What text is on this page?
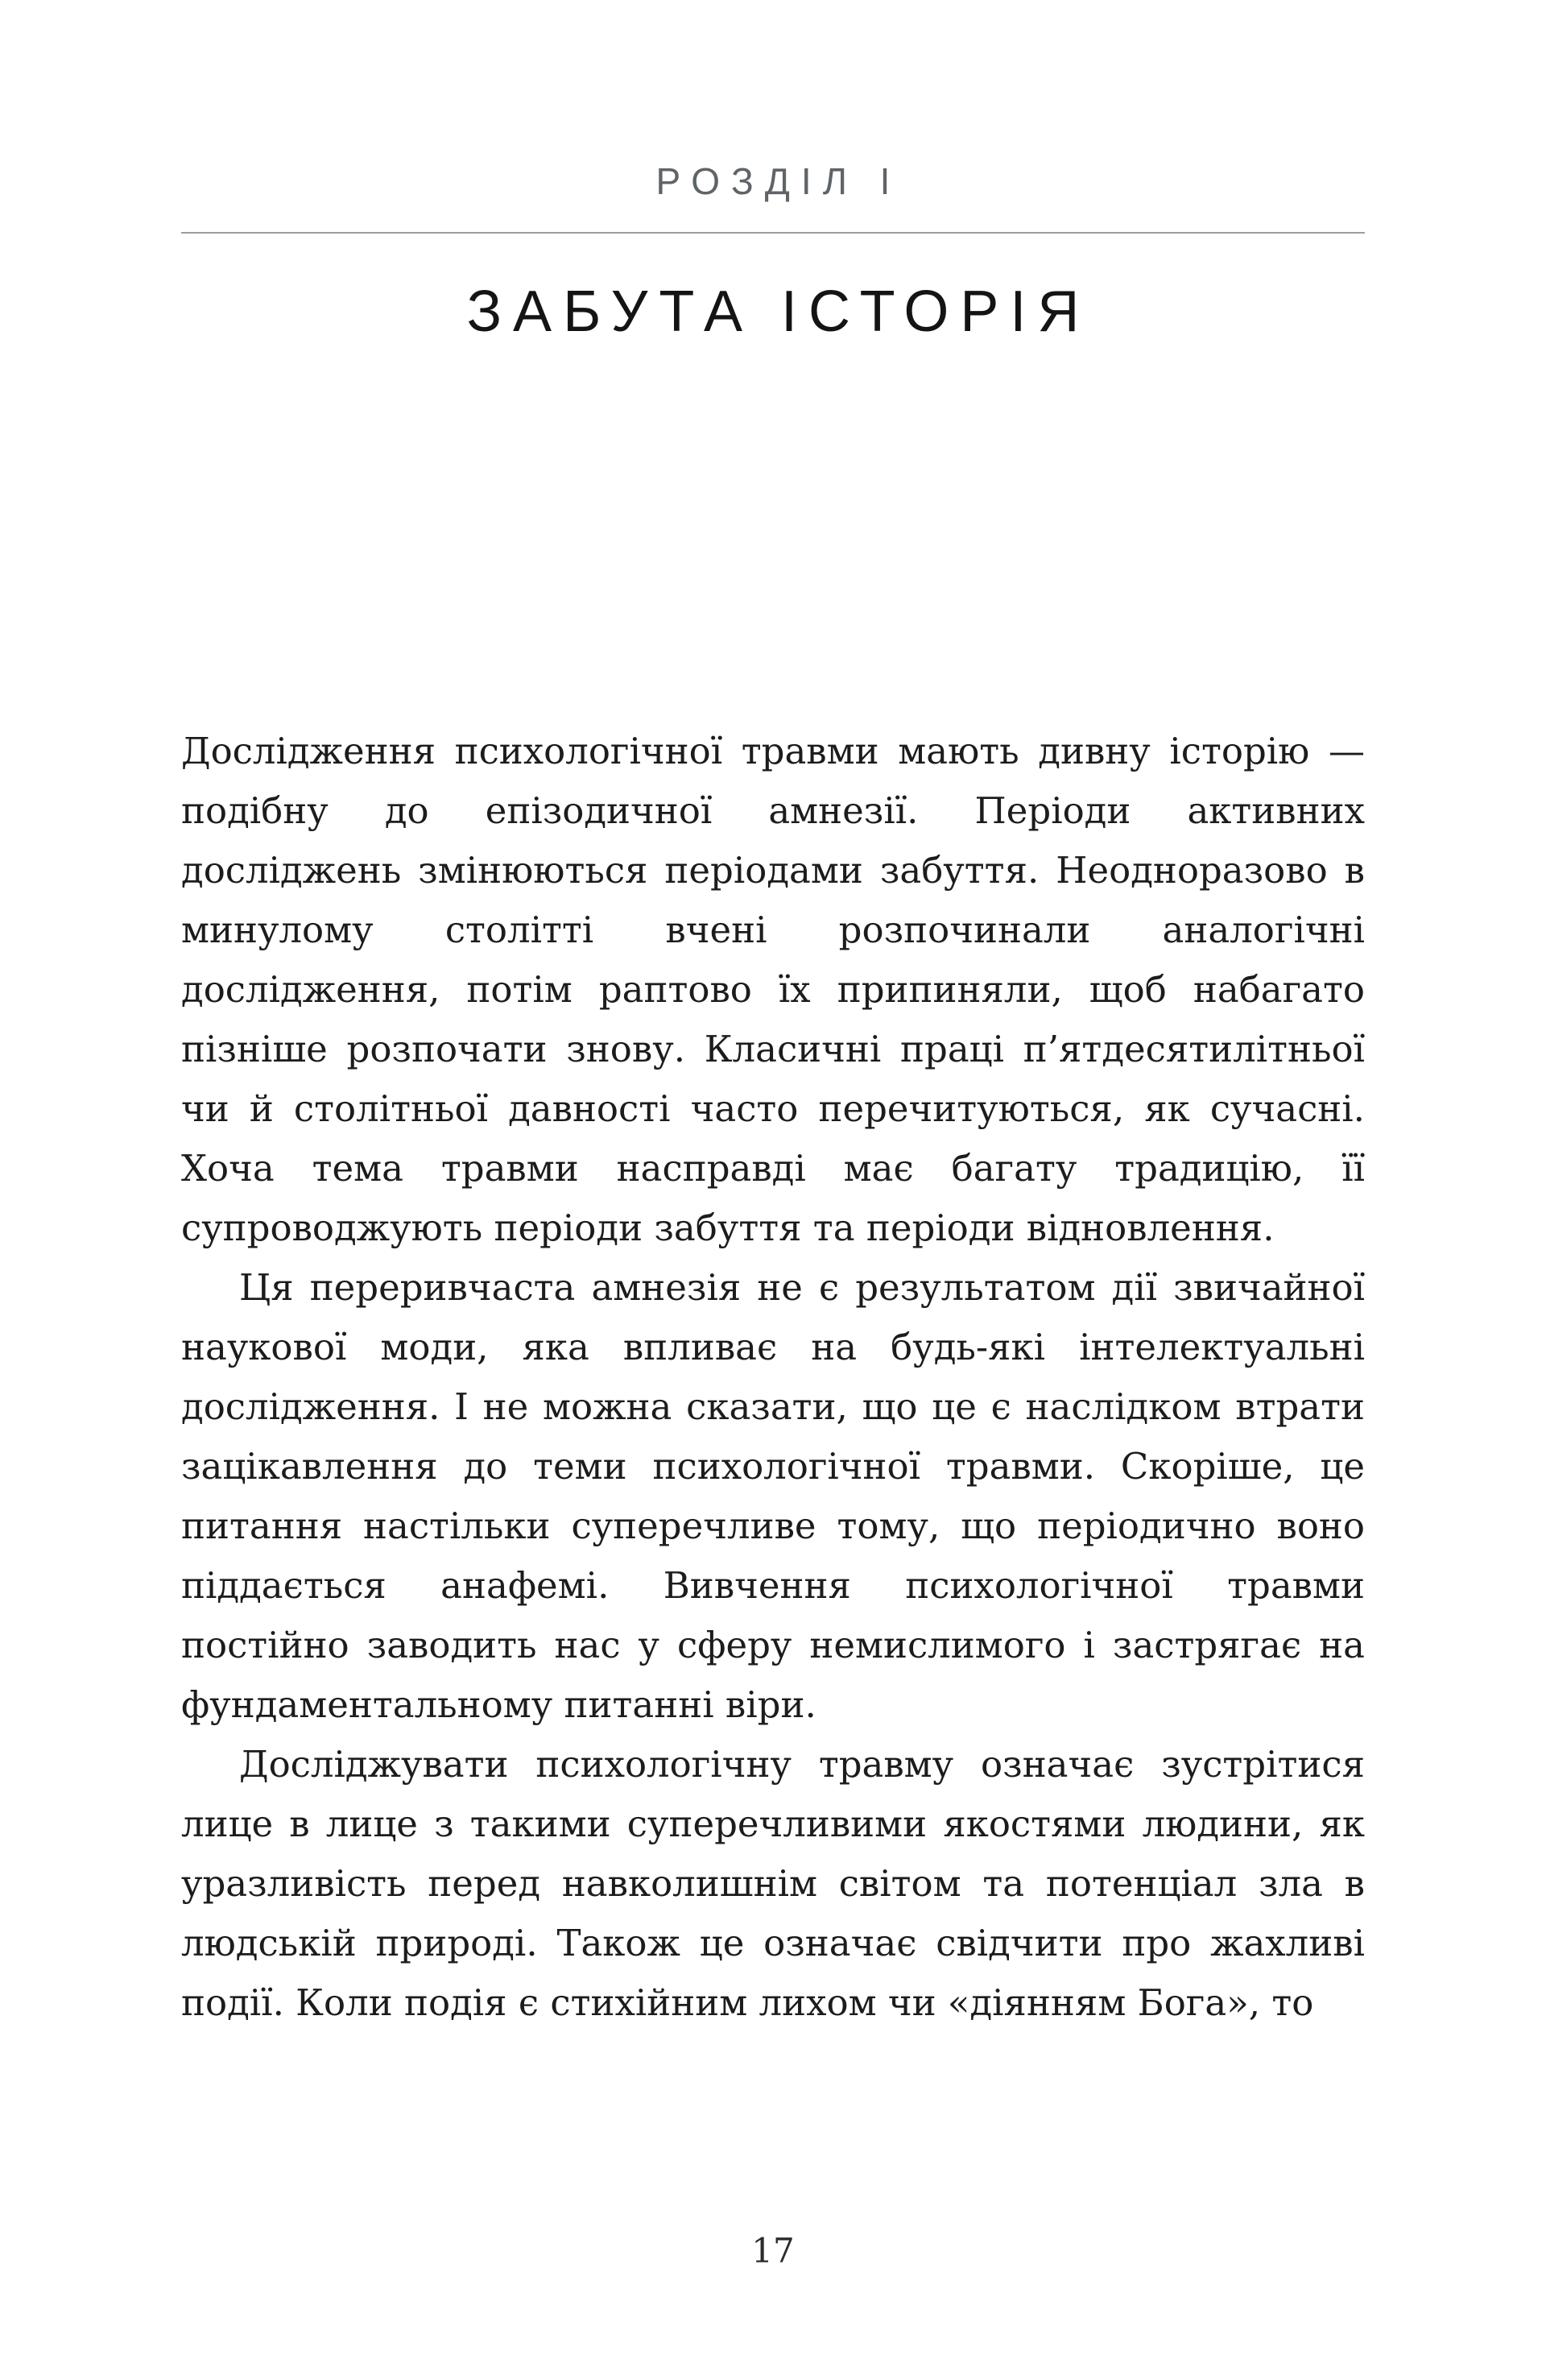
РОЗДІЛ І
ЗАБУТА ІСТОРІЯ

Дослідження психологічної травми мають дивну історію — подібну до епізодичної амнезії. Періоди активних досліджень змінюються періодами забуття. Неодноразово в минулому столітті вчені розпочинали аналогічні дослідження, потім раптово їх припиняли, щоб набагато пізніше розпочати знову. Класичні праці п’ятдесятилітньої чи й столітньої давності часто перечитуються, як сучасні. Хоча тема травми насправді має багату традицію, її супроводжують періоди забуття та періоди відновлення.

Ця переривчаста амнезія не є результатом дії звичайної наукової моди, яка впливає на будь-які інтелектуальні дослідження. І не можна сказати, що це є наслідком втрати зацікавлення до теми психологічної травми. Скоріше, це питання настільки суперечливе тому, що періодично воно піддається анафемі. Вивчення психологічної травми постійно заводить нас у сферу немислимого і застрягає на фундаментальному питанні віри.

Досліджувати психологічну травму означає зустрітися лице в лице з такими суперечливими якостями людини, як уразливість перед навколишнім світом та потенціал зла в людській природі. Також це означає свідчити про жахливі події. Коли подія є стихійним лихом чи «діянням Бога», то

17
